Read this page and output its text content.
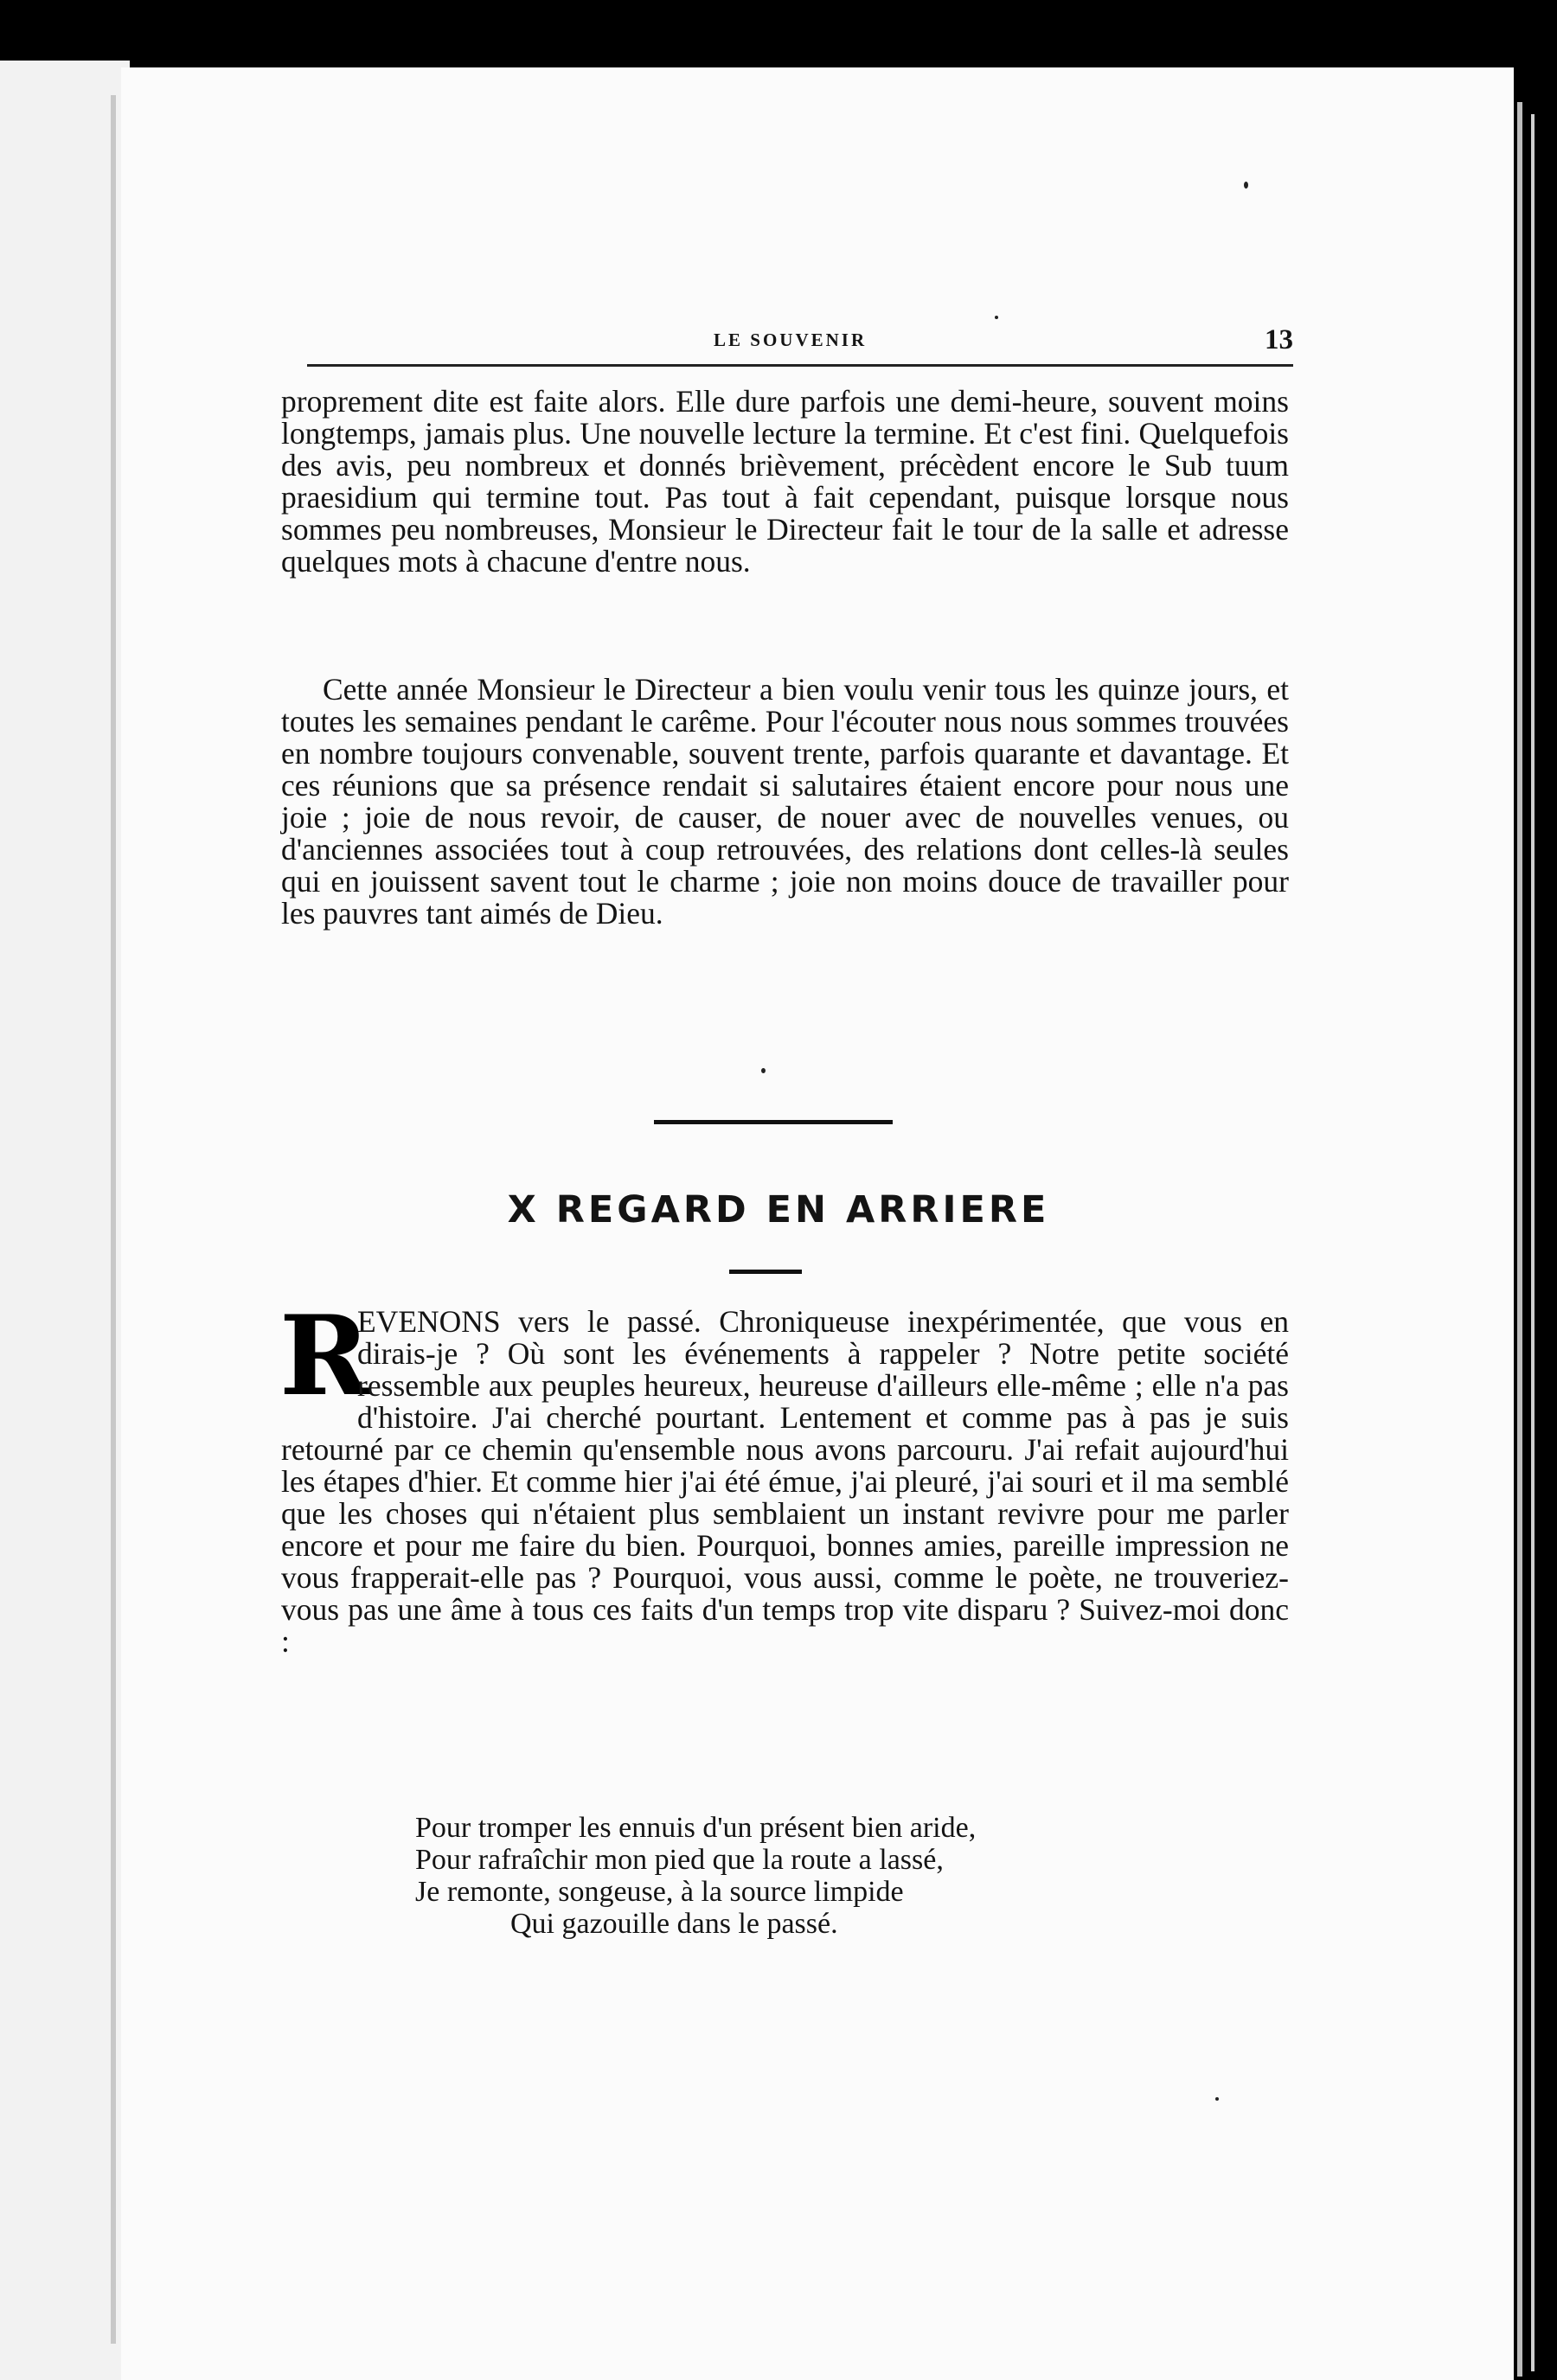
LE SOUVENIR	13

proprement dite est faite alors. Elle dure parfois une demi-heure, souvent moins longtemps, jamais plus. Une nouvelle lecture la termine. Et c'est fini. Quelquefois des avis, peu nombreux et donnés brièvement, précèdent encore le Sub tuum praesidium qui termine tout. Pas tout à fait cependant, puisque lorsque nous sommes peu nombreuses, Monsieur le Directeur fait le tour de la salle et adresse quelques mots à chacune d'entre nous.

Cette année Monsieur le Directeur a bien voulu venir tous les quinze jours, et toutes les semaines pendant le carême. Pour l'écouter nous nous sommes trouvées en nombre toujours convenable, souvent trente, parfois quarante et davantage. Et ces réunions que sa présence rendait si salutaires étaient encore pour nous une joie ; joie de nous revoir, de causer, de nouer avec de nouvelles venues, ou d'anciennes associées tout à coup retrouvées, des relations dont celles-là seules qui en jouissent savent tout le charme ; joie non moins douce de travailler pour les pauvres tant aimés de Dieu.

X REGARD EN ARRIERE
R

EVENONS vers le passé. Chroniqueuse inexpérimentée, que vous en dirais-je ? Où sont les événements à rappeler ? Notre petite société ressemble aux peuples heureux, heureuse d'ailleurs elle-même ; elle n'a pas d'histoire. J'ai cherché pourtant. Lentement et comme pas à pas je suis retourné par ce chemin qu'ensemble nous avons parcouru. J'ai refait aujourd'hui les étapes d'hier. Et comme hier j'ai été émue, j'ai pleuré, j'ai souri et il ma semblé que les choses qui n'étaient plus semblaient un instant revivre pour me parler encore et pour me faire du bien. Pourquoi, bonnes amies, pareille impression ne vous frapperait-elle pas ? Pourquoi, vous aussi, comme le poète, ne trouveriez-vous pas une âme à tous ces faits d'un temps trop vite disparu ? Suivez-moi donc :

Pour tromper les ennuis d'un présent bien aride,
Pour rafraîchir mon pied que la route a lassé,
Je remonte, songeuse, à la source limpide
Qui gazouille dans le passé.
